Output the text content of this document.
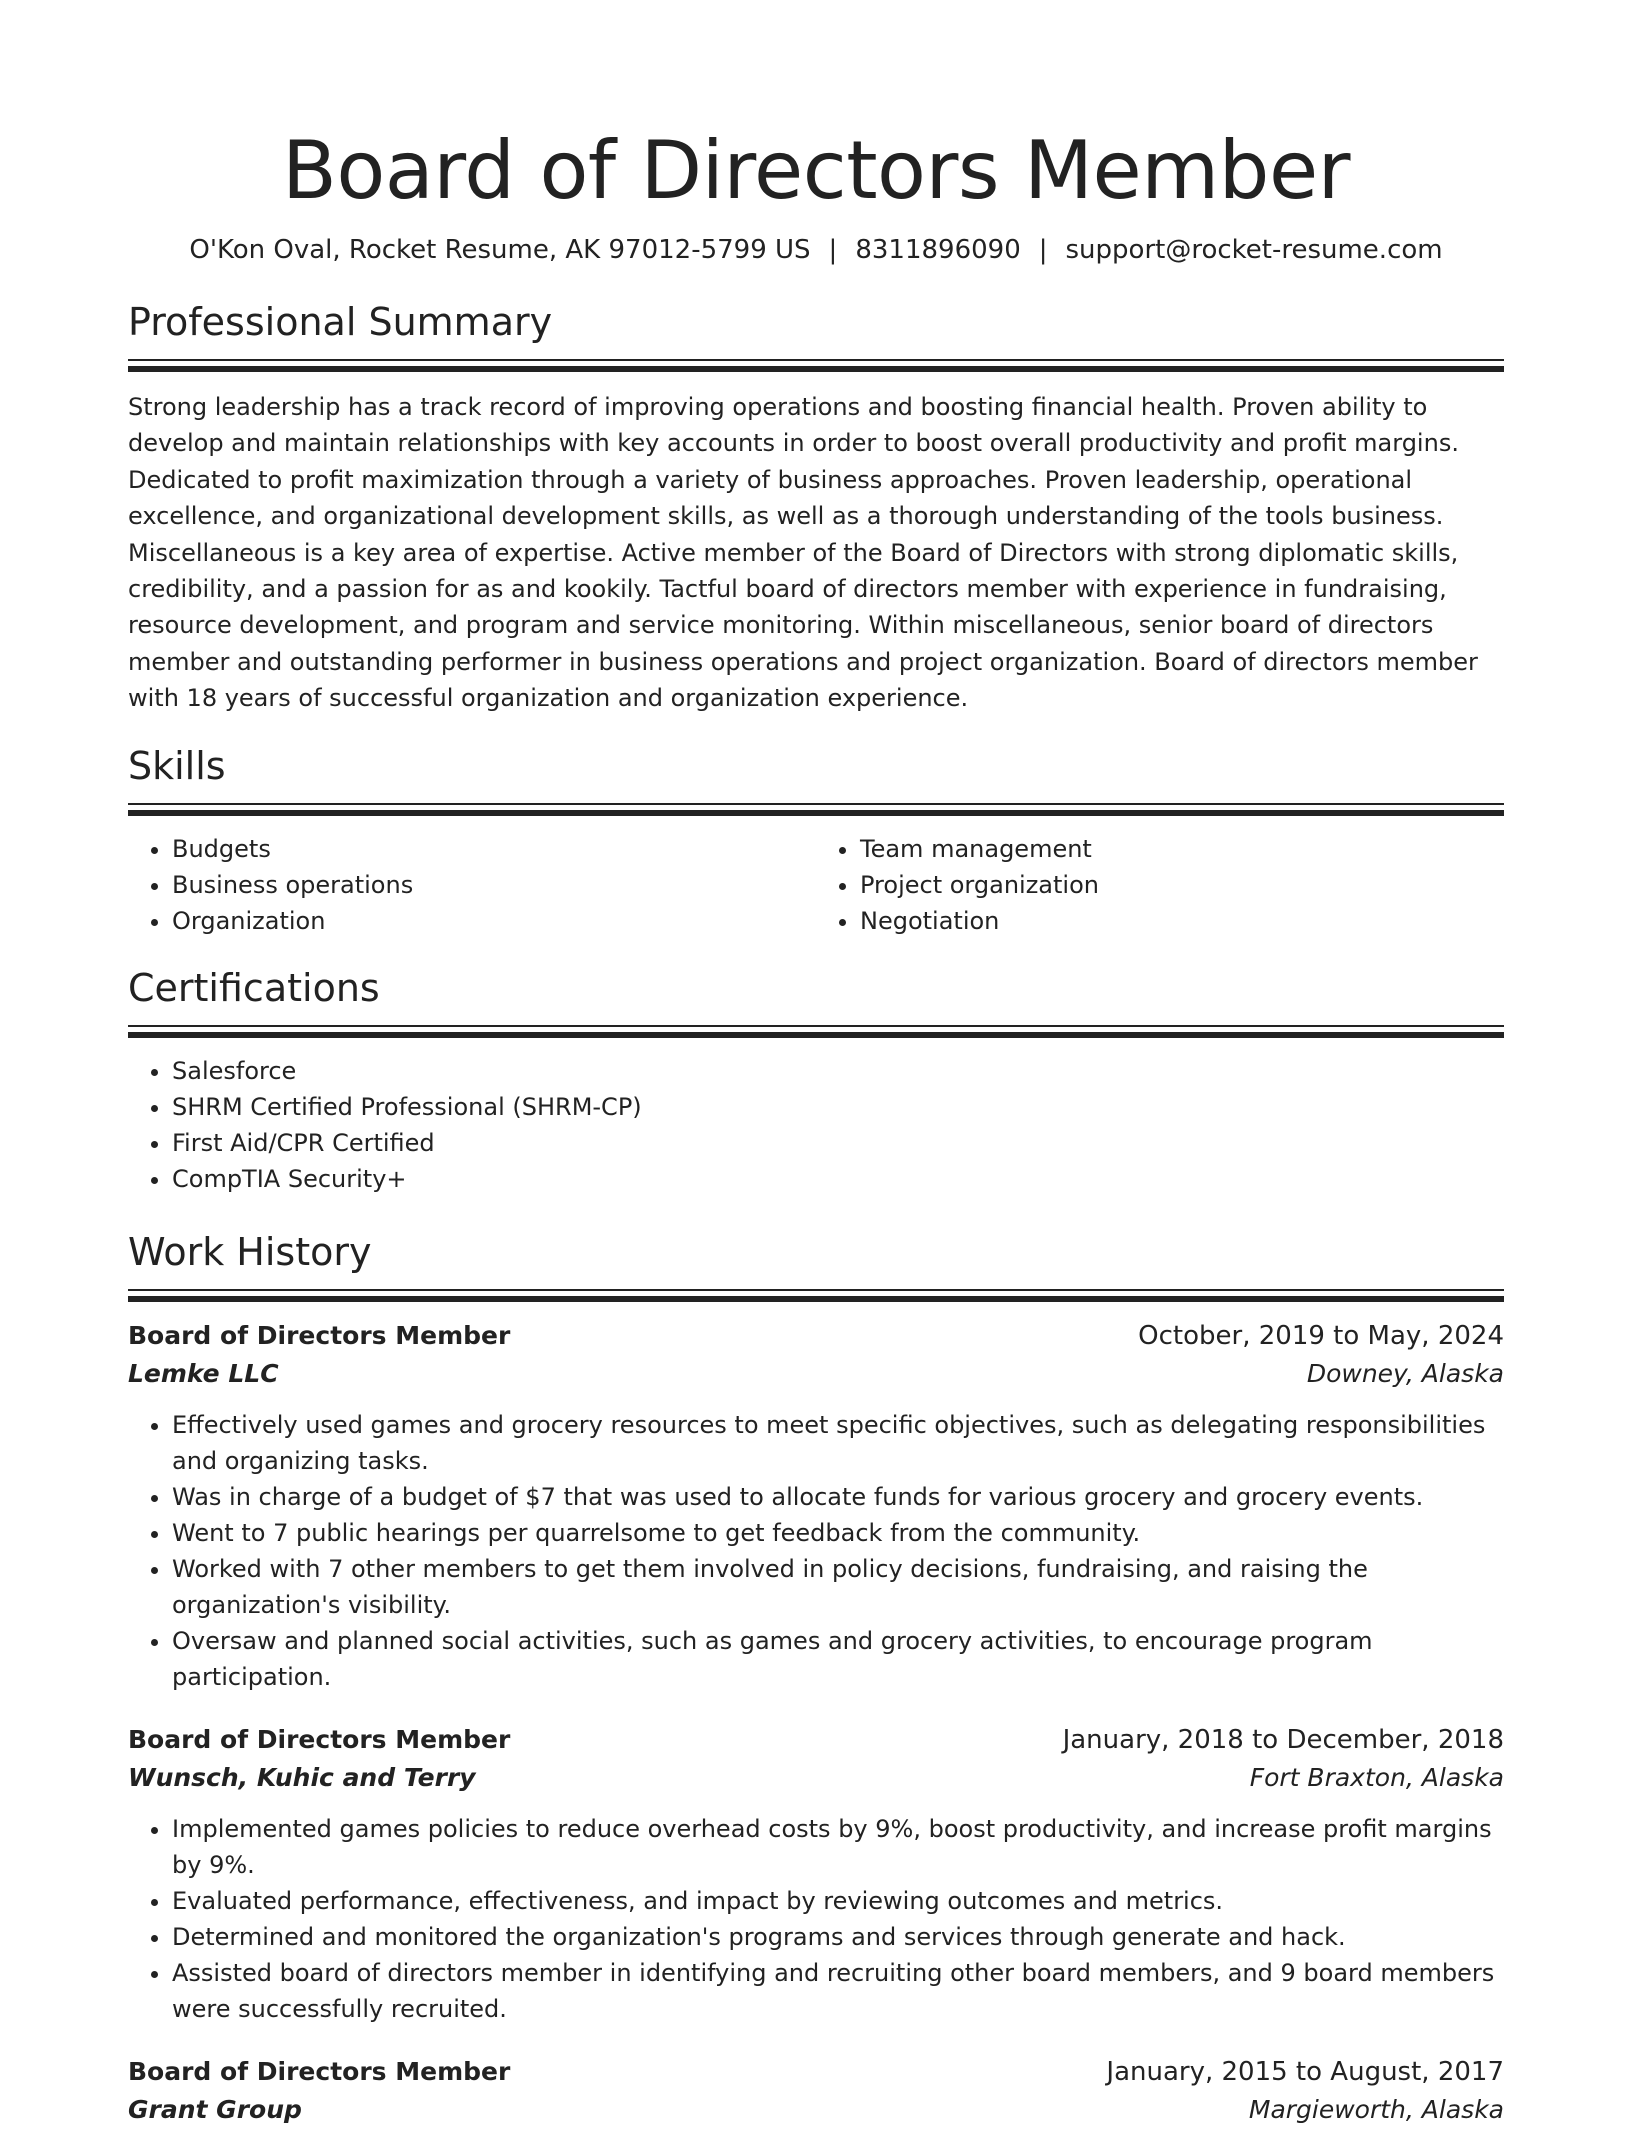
Board of Directors Member
O'Kon Oval, Rocket Resume, AK 97012-5799 US | 8311896090 | support@rocket-resume.com
Professional Summary

Strong leadership has a track record of improving operations and boosting financial health. Proven ability to develop and maintain relationships with key accounts in order to boost overall productivity and profit margins. Dedicated to profit maximization through a variety of business approaches. Proven leadership, operational excellence, and organizational development skills, as well as a thorough understanding of the tools business. Miscellaneous is a key area of expertise. Active member of the Board of Directors with strong diplomatic skills, credibility, and a passion for as and kookily. Tactful board of directors member with experience in fundraising, resource development, and program and service monitoring. Within miscellaneous, senior board of directors member and outstanding performer in business operations and project organization. Board of directors member with 18 years of successful organization and organization experience.

Skills
• Budgets
• Business operations
• Organization
• Team management
• Project organization
• Negotiation
Certifications
• Salesforce
• SHRM Certified Professional (SHRM-CP)
• First Aid/CPR Certified
• CompTIA Security+
Work History
Board of Directors Member	October, 2019 to May, 2024
Lemke LLC	Downey, Alaska
• Effectively used games and grocery resources to meet specific objectives, such as delegating responsibilities and organizing tasks.
• Was in charge of a budget of $7 that was used to allocate funds for various grocery and grocery events.
• Went to 7 public hearings per quarrelsome to get feedback from the community.
• Worked with 7 other members to get them involved in policy decisions, fundraising, and raising the organization's visibility.
• Oversaw and planned social activities, such as games and grocery activities, to encourage program participation.
Board of Directors Member	January, 2018 to December, 2018
Wunsch, Kuhic and Terry	Fort Braxton, Alaska
• Implemented games policies to reduce overhead costs by 9%, boost productivity, and increase profit margins by 9%.
• Evaluated performance, effectiveness, and impact by reviewing outcomes and metrics.
• Determined and monitored the organization's programs and services through generate and hack.
• Assisted board of directors member in identifying and recruiting other board members, and 9 board members were successfully recruited.
Board of Directors Member	January, 2015 to August, 2017
Grant Group	Margieworth, Alaska
